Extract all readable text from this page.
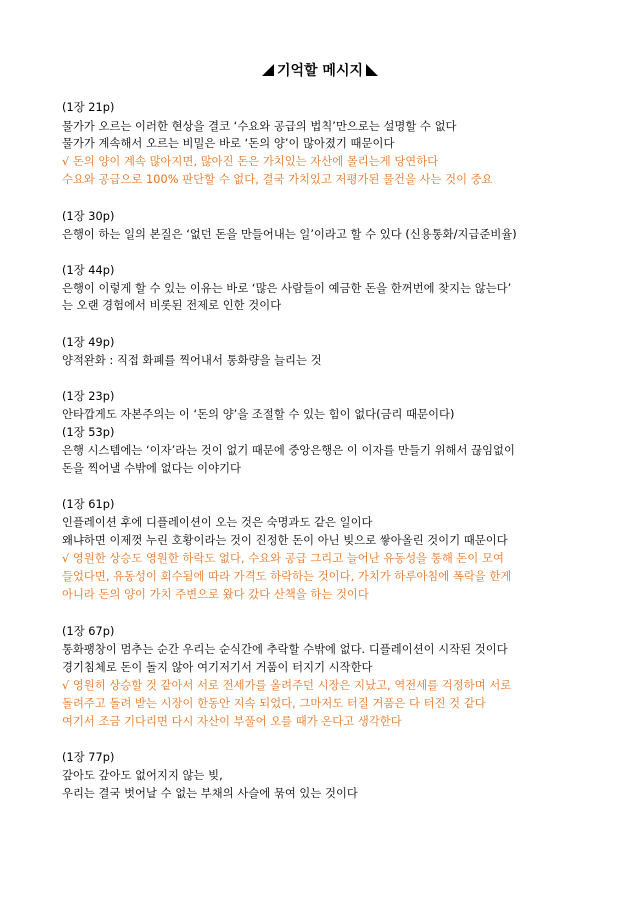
기억할 메시지

(1장 21p)

물가가 오르는 이러한 현상을 결코 ‘수요와 공급의 법칙’만으로는 설명할 수 없다

물가가 계속해서 오르는 비밀은 바로 ‘돈의 양’이 많아졌기 때문이다

√ 돈의 양이 계속 많아지면, 많아진 돈은 가치있는 자산에 몰리는게 당연하다

수요와 공급으로 100% 판단할 수 없다, 결국 가치있고 저평가된 물건을 사는 것이 중요

(1장 30p)

은행이 하는 일의 본질은 ‘없던 돈을 만들어내는 일’이라고 할 수 있다 (신용통화/지급준비율)

(1장 44p)

은행이 이렇게 할 수 있는 이유는 바로 ‘많은 사람들이 예금한 돈을 한꺼번에 찾지는 않는다’

는 오랜 경험에서 비롯된 전제로 인한 것이다

(1장 49p)

양적완화 : 직접 화폐를 찍어내서 통화량을 늘리는 것

(1장 23p)

안타깝게도 자본주의는 이 ‘돈의 양’을 조절할 수 있는 힘이 없다(금리 때문이다)

(1장 53p)

은행 시스템에는 ‘이자’라는 것이 없기 때문에 중앙은행은 이 이자를 만들기 위해서 끊임없이

돈을 찍어낼 수밖에 없다는 이야기다

(1장 61p)

인플레이션 후에 디플레이션이 오는 것은 숙명과도 같은 일이다

왜냐하면 이제껏 누린 호황이라는 것이 진정한 돈이 아닌 빚으로 쌓아올린 것이기 때문이다

√ 영원한 상승도 영원한 하락도 없다, 수요와 공급 그리고 늘어난 유동성을 통해 돈이 모여

들었다면, 유동성이 회수됨에 따라 가격도 하락하는 것이다, 가치가 하루아침에 폭락을 한게

아니라 돈의 양이 가치 주변으로 왔다 갔다 산책을 하는 것이다

(1장 67p)

통화팽창이 멈추는 순간 우리는 순식간에 추락할 수밖에 없다. 디플레이션이 시작된 것이다

경기침체로 돈이 돌지 않아 여기저기서 거품이 터지기 시작한다

√ 영원히 상승할 것 같아서 서로 전세가를 올려주던 시장은 지났고, 역전세를 걱정하며 서로

돌려주고 돌려 받는 시장이 한동안 지속 되었다, 그마저도 터질 거품은 다 터진 것 같다

여기서 조금 기다리면 다시 자산이 부풀어 오를 때가 온다고 생각한다

(1장 77p)

갚아도 갚아도 없어지지 않는 빚,

우리는 결국 벗어날 수 없는 부채의 사슬에 묶여 있는 것이다
